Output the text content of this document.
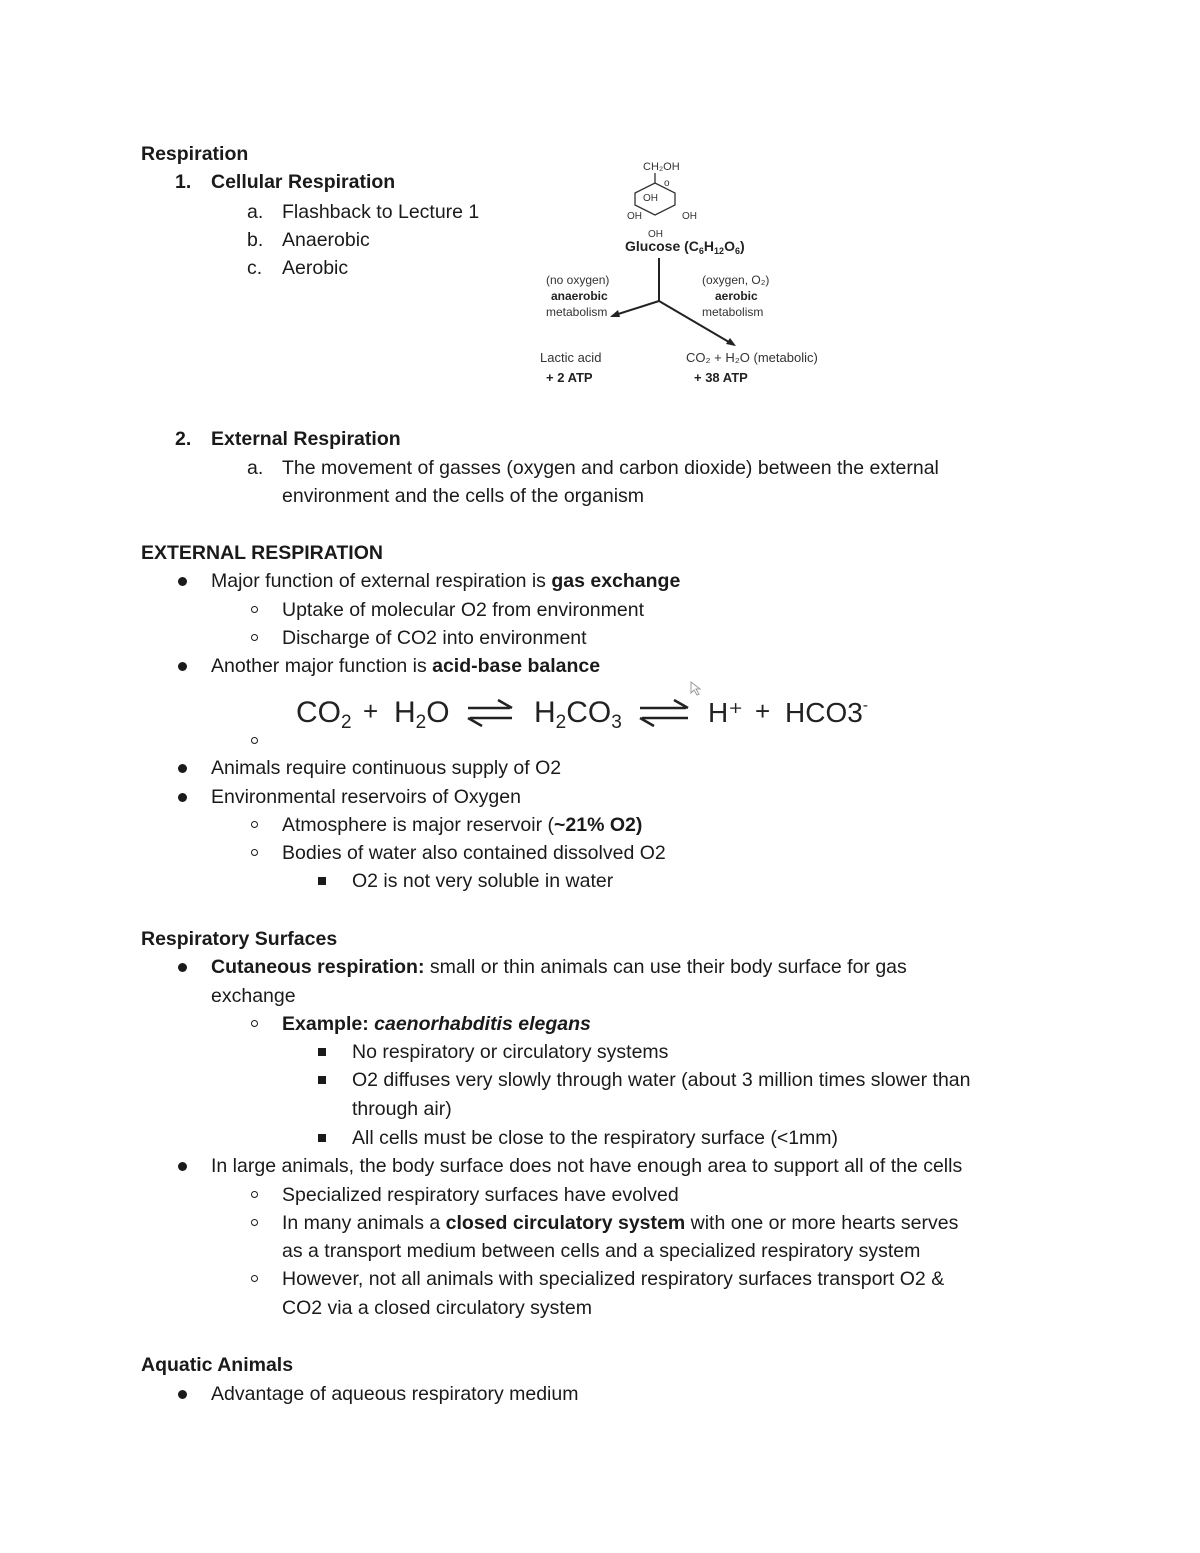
Respiration
1. Cellular Respiration
a. Flashback to Lecture 1
b. Anaerobic
c. Aerobic
CH₂OH
o
OH
OH	OH
OH
Glucose $(C_6H_{12}O_6)$
(no oxygen)
anaerobic
metabolism
(oxygen, O₂)
aerobic
metabolism
Lactic acid
+ 2 ATP
CO₂ + H₂O (metabolic)
+ 38 ATP
2. External Respiration
a. The movement of gasses (oxygen and carbon dioxide) between the external
environment and the cells of the organism
EXTERNAL RESPIRATION
Major function of external respiration is gas exchange
Uptake of molecular O2 from environment
Discharge of CO2 into environment
Another major function is acid-base balance
$CO_2 + H_2O$	$H_2CO_3$	H⁺ + HCO3-
Animals require continuous supply of O2
Environmental reservoirs of Oxygen
Atmosphere is major reservoir (~21% O2)
Bodies of water also contained dissolved O2
O2 is not very soluble in water
Respiratory Surfaces
Cutaneous respiration: small or thin animals can use their body surface for gas
exchange
Example: caenorhabditis elegans
No respiratory or circulatory systems
O2 diffuses very slowly through water (about 3 million times slower than
through air)
All cells must be close to the respiratory surface (<1mm)
In large animals, the body surface does not have enough area to support all of the cells
Specialized respiratory surfaces have evolved
In many animals a closed circulatory system with one or more hearts serves
as a transport medium between cells and a specialized respiratory system
However, not all animals with specialized respiratory surfaces transport O2 &
CO2 via a closed circulatory system
Aquatic Animals
Advantage of aqueous respiratory medium
